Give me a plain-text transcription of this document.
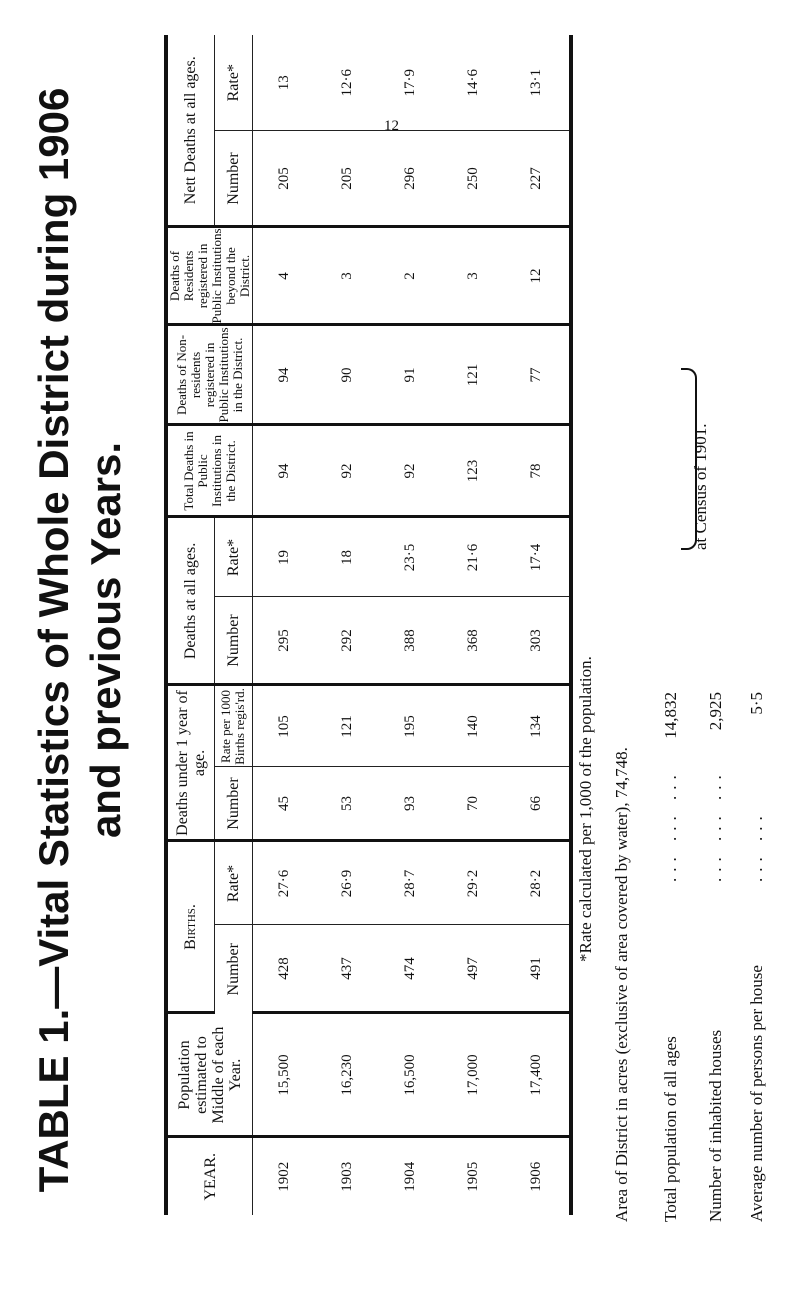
12
TABLE 1.—Vital Statistics of Whole District during 1906 and previous Years.
YEAR.	Population estimated to Middle of each Year.	Births.		Deaths under 1 year of age.		Deaths at all ages.		Total Deaths in Public Institutions in the District.	Deaths of Non-residents registered in Public Institutions in the District.	Deaths of Residents registered in Public Institutions beyond the District.	Nett Deaths at all ages.	
		Number	Rate*	Number	Rate per 1000 Births regis'rd.	Number	Rate*				Number	Rate*
1902	15,500	428	27·6	45	105	295	19	94	94	4	205	13
1903	16,230	437	26·9	53	121	292	18	92	90	3	205	12·6
1904	16,500	474	28·7	93	195	388	23·5	92	91	2	296	17·9
1905	17,000	497	29·2	70	140	368	21·6	123	121	3	250	14·6
1906	17,400	491	28·2	66	134	303	17·4	78	77	12	227	13·1
*Rate calculated per 1,000 of the population. Area of District in acres (exclusive of area covered by water), 74,748. Total population of all ages... ... ...14,832
Number of inhabited houses... ... ...2,925
Average number of persons per house... ...5·5
at Census of 1901.
